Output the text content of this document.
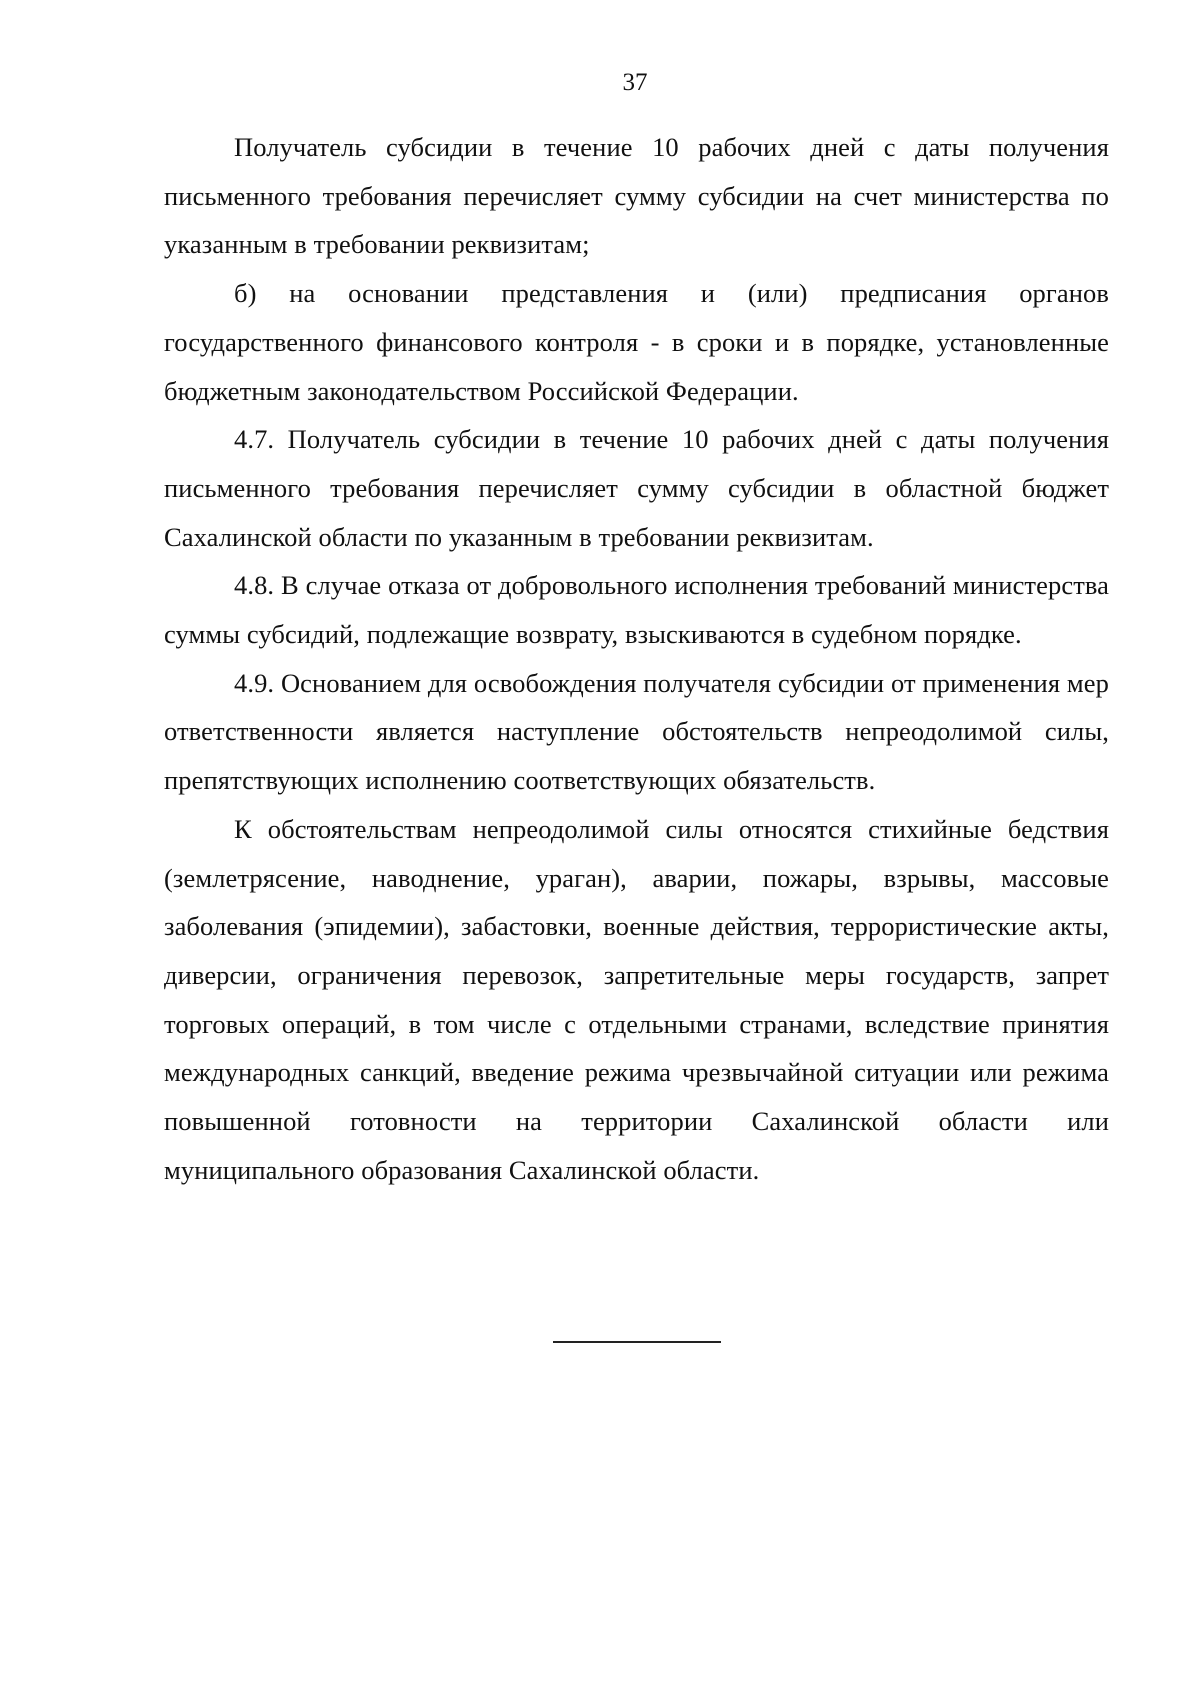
37

Получатель субсидии в течение 10 рабочих дней с даты получения письменного требования перечисляет сумму субсидии на счет министерства по указанным в требовании реквизитам;

б) на основании представления и (или) предписания органов государственного финансового контроля - в сроки и в порядке, установленные бюджетным законодательством Российской Федерации.

4.7. Получатель субсидии в течение 10 рабочих дней с даты получения письменного требования перечисляет сумму субсидии в областной бюджет Сахалинской области по указанным в требовании реквизитам.

4.8. В случае отказа от добровольного исполнения требований министерства суммы субсидий, подлежащие возврату, взыскиваются в судебном порядке.

4.9. Основанием для освобождения получателя субсидии от применения мер ответственности является наступление обстоятельств непреодолимой силы, препятствующих исполнению соответствующих обязательств.

К обстоятельствам непреодолимой силы относятся стихийные бедствия (землетрясение, наводнение, ураган), аварии, пожары, взрывы, массовые заболевания (эпидемии), забастовки, военные действия, террористические акты, диверсии, ограничения перевозок, запретительные меры государств, запрет торговых операций, в том числе с отдельными странами, вследствие принятия международных санкций, введение режима чрезвычайной ситуации или режима повышенной готовности на территории Сахалинской области или муниципального образования Сахалинской области.
